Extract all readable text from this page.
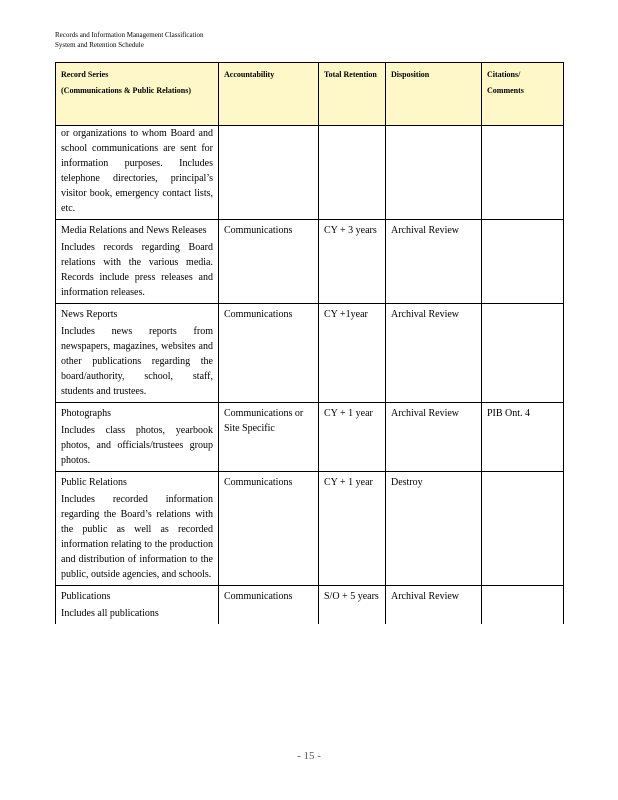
Records and Information Management Classification
System and Retention Schedule
Record Series
(Communications & Public Relations)	Accountability	Total Retention	Disposition	Citations/ Comments

or organizations to whom Board and school communications are sent for information purposes. Includes telephone directories, principal’s visitor book, emergency contact lists, etc.				

Media Relations and News Releases
Includes records regarding Board relations with the various media. Records include press releases and information releases.	Communications	CY + 3 years	Archival Review	

News Reports
Includes news reports from newspapers, magazines, websites and other publications regarding the board/authority, school, staff, students and trustees.	Communications	CY +1year	Archival Review	

Photographs
Includes class photos, yearbook photos, and officials/trustees group photos.	Communications or Site Specific	CY + 1 year	Archival Review	PIB Ont. 4

Public Relations
Includes recorded information regarding the Board’s relations with the public as well as recorded information relating to the production and distribution of information to the public, outside agencies, and schools.	Communications	CY + 1 year	Destroy	

Publications
Includes all publications	Communications	S/O + 5 years	Archival Review	
- 15 -
